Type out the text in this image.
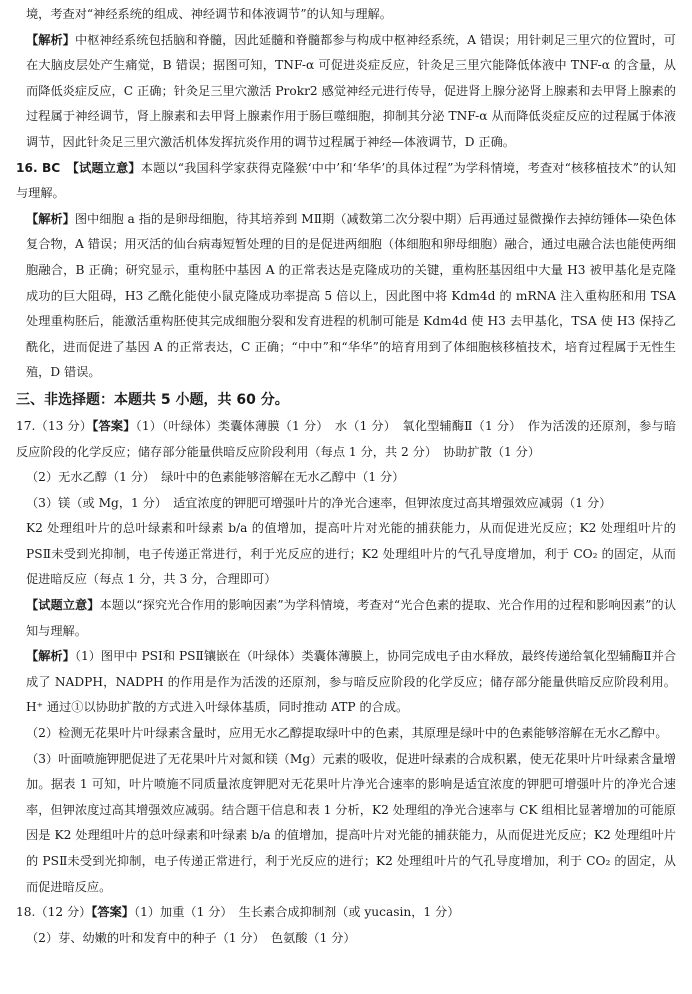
境，考查对“神经系统的组成、神经调节和体液调节”的认知与理解。

【解析】中枢神经系统包括脑和脊髓，因此延髓和脊髓都参与构成中枢神经系统，A 错误；用针刺足三里穴的位置时，可在大脑皮层处产生痛觉，B 错误；据图可知，TNF-α 可促进炎症反应，针灸足三里穴能降低体液中 TNF-α 的含量，从而降低炎症反应，C 正确；针灸足三里穴激活 Prokr2 感觉神经元进行传导，促进肾上腺分泌肾上腺素和去甲肾上腺素的过程属于神经调节，肾上腺素和去甲肾上腺素作用于肠巨噬细胞，抑制其分泌 TNF-α 从而降低炎症反应的过程属于体液调节，因此针灸足三里穴激活机体发挥抗炎作用的调节过程属于神经—体液调节，D 正确。

16. BC　 【试题立意】本题以“我国科学家获得克隆猴‘中中’和‘华华’的具体过程”为学科情境，考查对“核移植技术”的认知与理解。

【解析】图中细胞 a 指的是卵母细胞，待其培养到 MⅡ期（减数第二次分裂中期）后再通过显微操作去掉纺锤体—染色体复合物，A 错误；用灭活的仙台病毒短暂处理的目的是促进两细胞（体细胞和卵母细胞）融合，通过电融合法也能使两细胞融合，B 正确；研究显示，重构胚中基因 A 的正常表达是克隆成功的关键，重构胚基因组中大量 H3 被甲基化是克隆成功的巨大阻碍，H3 乙酰化能使小鼠克隆成功率提高 5 倍以上，因此图中将 Kdm4d 的 mRNA 注入重构胚和用 TSA 处理重构胚后，能激活重构胚使其完成细胞分裂和发育进程的机制可能是 Kdm4d 使 H3 去甲基化，TSA 使 H3 保持乙酰化，进而促进了基因 A 的正常表达，C 正确；“中中”和“华华”的培育用到了体细胞核移植技术，培育过程属于无性生殖，D 错误。

三、非选择题：本题共 5 小题，共 60 分。

17.（13 分）【答案】（1）（叶绿体）类囊体薄膜（1 分）　水（1 分）　氧化型辅酶Ⅱ（1 分）　作为活泼的还原剂，参与暗反应阶段的化学反应；储存部分能量供暗反应阶段利用（每点 1 分，共 2 分）　协助扩散（1 分）

（2）无水乙醇（1 分）　绿叶中的色素能够溶解在无水乙醇中（1 分）

（3）镁（或 Mg，1 分）　适宜浓度的钾肥可增强叶片的净光合速率，但钾浓度过高其增强效应减弱（1 分）

K2 处理组叶片的总叶绿素和叶绿素 b/a 的值增加，提高叶片对光能的捕获能力，从而促进光反应；K2 处理组叶片的 PSⅡ未受到光抑制，电子传递正常进行，利于光反应的进行；K2 处理组叶片的气孔导度增加，利于 CO₂ 的固定，从而促进暗反应（每点 1 分，共 3 分，合理即可）

【试题立意】本题以“探究光合作用的影响因素”为学科情境，考查对“光合色素的提取、光合作用的过程和影响因素”的认知与理解。

【解析】（1）图甲中 PSⅠ和 PSⅡ镶嵌在（叶绿体）类囊体薄膜上，协同完成电子由水释放，最终传递给氧化型辅酶Ⅱ并合成了 NADPH，NADPH 的作用是作为活泼的还原剂，参与暗反应阶段的化学反应；储存部分能量供暗反应阶段利用。H⁺ 通过①以协助扩散的方式进入叶绿体基质，同时推动 ATP 的合成。

（2）检测无花果叶片叶绿素含量时，应用无水乙醇提取绿叶中的色素，其原理是绿叶中的色素能够溶解在无水乙醇中。

（3）叶面喷施钾肥促进了无花果叶片对氮和镁（Mg）元素的吸收，促进叶绿素的合成积累，使无花果叶片叶绿素含量增加。据表 1 可知，叶片喷施不同质量浓度钾肥对无花果叶片净光合速率的影响是适宜浓度的钾肥可增强叶片的净光合速率，但钾浓度过高其增强效应减弱。结合题干信息和表 1 分析，K2 处理组的净光合速率与 CK 组相比显著增加的可能原因是 K2 处理组叶片的总叶绿素和叶绿素 b/a 的值增加，提高叶片对光能的捕获能力，从而促进光反应；K2 处理组叶片的 PSⅡ未受到光抑制，电子传递正常进行，利于光反应的进行；K2 处理组叶片的气孔导度增加，利于 CO₂ 的固定，从而促进暗反应。

18.（12 分）【答案】（1）加重（1 分）　生长素合成抑制剂（或 yucasin，1 分）

（2）芽、幼嫩的叶和发育中的种子（1 分）　色氨酸（1 分）
